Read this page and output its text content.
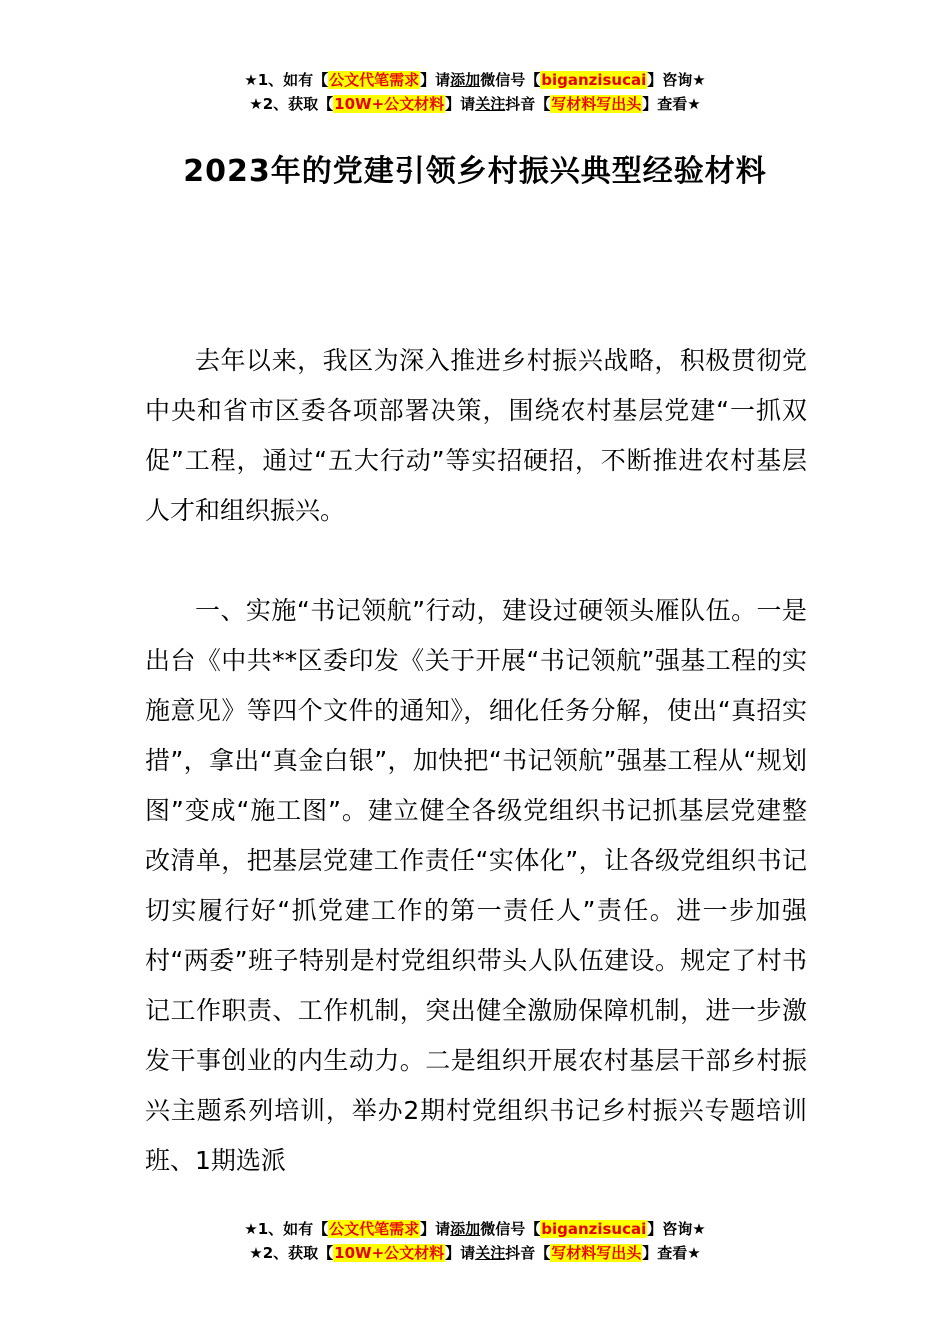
★1、如有【公文代笔需求】请添加微信号【biganzisucai】咨询★
★2、获取【10W+公文材料】请关注抖音【写材料写出头】查看★
2023年的党建引领乡村振兴典型经验材料

去年以来，我区为深入推进乡村振兴战略，积极贯彻党中央和省市区委各项部署决策，围绕农村基层党建“一抓双促”工程，通过“五大行动”等实招硬招，不断推进农村基层人才和组织振兴。

一、实施“书记领航”行动，建设过硬领头雁队伍。一是出台《中共**区委印发《关于开展“书记领航”强基工程的实施意见》等四个文件的通知》，细化任务分解，使出“真招实措”，拿出“真金白银”，加快把“书记领航”强基工程从“规划图”变成“施工图”。建立健全各级党组织书记抓基层党建整改清单，把基层党建工作责任“实体化”，让各级党组织书记切实履行好“抓党建工作的第一责任人”责任。进一步加强村“两委”班子特别是村党组织带头人队伍建设。规定了村书记工作职责、工作机制，突出健全激励保障机制，进一步激发干事创业的内生动力。二是组织开展农村基层干部乡村振兴主题系列培训，举办2期村党组织书记乡村振兴专题培训班、1期选派

★1、如有【公文代笔需求】请添加微信号【biganzisucai】咨询★
★2、获取【10W+公文材料】请关注抖音【写材料写出头】查看★
